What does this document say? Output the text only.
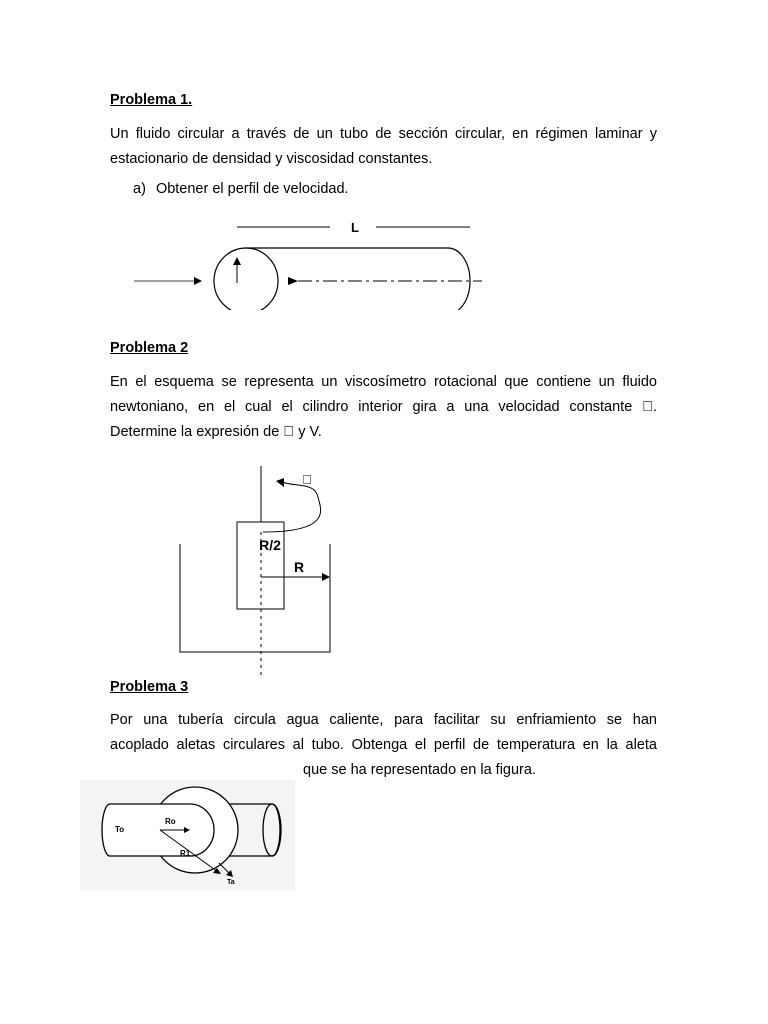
Problema 1.
Un fluido circular a través de un tubo de sección circular, en régimen laminar y estacionario de densidad y viscosidad constantes.
a) Obtener el perfil de velocidad.
L
Problema 2
En el esquema se representa un viscosímetro rotacional que contiene un fluido newtoniano, en el cual el cilindro interior gira a una velocidad constante  . Determine la expresión de   y V.
 
R/2
R
Problema 3
Por una tubería circula agua caliente, para facilitar su enfriamiento se han
acoplado aletas circulares al tubo. Obtenga el perfil de temperatura en la aleta
que se ha representado en la figura.
To
Ro
R1
Ta
